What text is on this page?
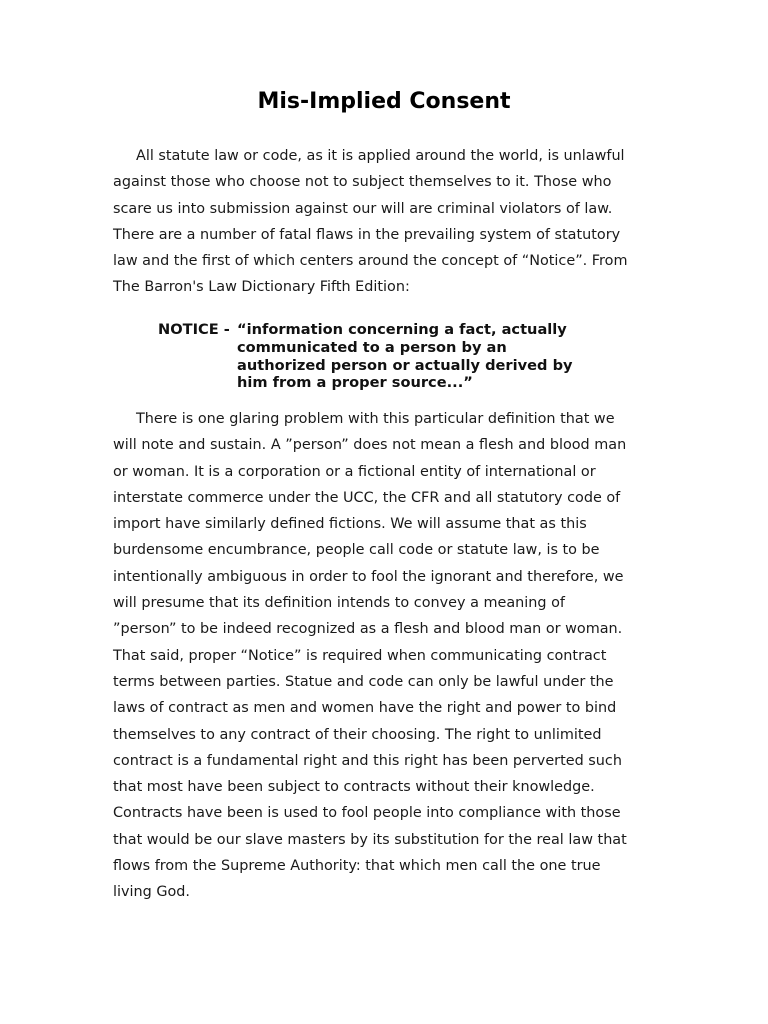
Mis-Implied Consent

All statute law or code, as it is applied around the world, is unlawful
against those who choose not to subject themselves to it. Those who
scare us into submission against our will are criminal violators of law.
There are a number of fatal flaws in the prevailing system of statutory
law and the first of which centers around the concept of “Notice”. From
The Barron's Law Dictionary Fifth Edition:

NOTICE - “information concerning a fact, actually
communicated to a person by an
authorized person or actually derived by
him from a proper source...”

There is one glaring problem with this particular definition that we
will note and sustain. A ”person” does not mean a flesh and blood man
or woman. It is a corporation or a fictional entity of international or
interstate commerce under the UCC, the CFR and all statutory code of
import have similarly defined fictions. We will assume that as this
burdensome encumbrance, people call code or statute law, is to be
intentionally ambiguous in order to fool the ignorant and therefore, we
will presume that its definition intends to convey a meaning of
”person” to be indeed recognized as a flesh and blood man or woman.
That said, proper “Notice” is required when communicating contract
terms between parties. Statue and code can only be lawful under the
laws of contract as men and women have the right and power to bind
themselves to any contract of their choosing. The right to unlimited
contract is a fundamental right and this right has been perverted such
that most have been subject to contracts without their knowledge.
Contracts have been is used to fool people into compliance with those
that would be our slave masters by its substitution for the real law that
flows from the Supreme Authority: that which men call the one true
living God.
